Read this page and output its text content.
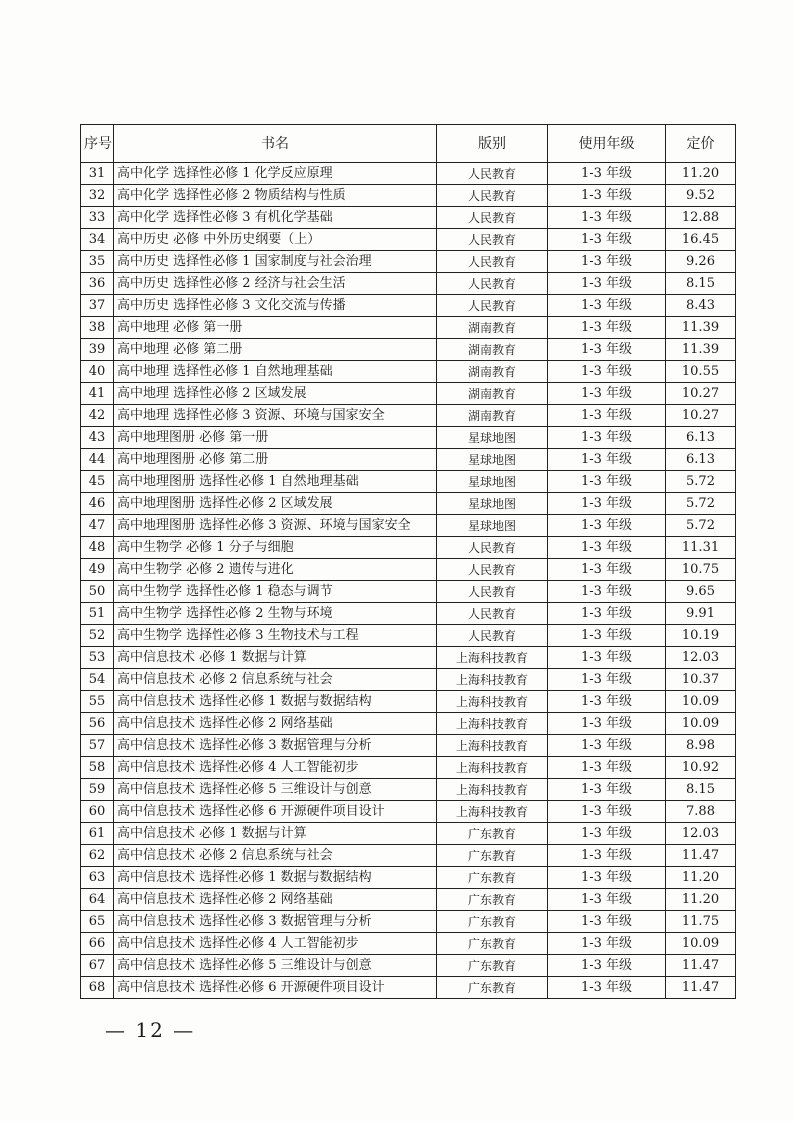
序号	书名	版别	使用年级	定价
31	高中化学 选择性必修 1 化学反应原理	人民教育	1-3 年级	11.20
32	高中化学 选择性必修 2 物质结构与性质	人民教育	1-3 年级	9.52
33	高中化学 选择性必修 3 有机化学基础	人民教育	1-3 年级	12.88
34	高中历史 必修 中外历史纲要（上）	人民教育	1-3 年级	16.45
35	高中历史 选择性必修 1 国家制度与社会治理	人民教育	1-3 年级	9.26
36	高中历史 选择性必修 2 经济与社会生活	人民教育	1-3 年级	8.15
37	高中历史 选择性必修 3 文化交流与传播	人民教育	1-3 年级	8.43
38	高中地理 必修 第一册	湖南教育	1-3 年级	11.39
39	高中地理 必修 第二册	湖南教育	1-3 年级	11.39
40	高中地理 选择性必修 1 自然地理基础	湖南教育	1-3 年级	10.55
41	高中地理 选择性必修 2 区域发展	湖南教育	1-3 年级	10.27
42	高中地理 选择性必修 3 资源、环境与国家安全	湖南教育	1-3 年级	10.27
43	高中地理图册 必修 第一册	星球地图	1-3 年级	6.13
44	高中地理图册 必修 第二册	星球地图	1-3 年级	6.13
45	高中地理图册 选择性必修 1 自然地理基础	星球地图	1-3 年级	5.72
46	高中地理图册 选择性必修 2 区域发展	星球地图	1-3 年级	5.72
47	高中地理图册 选择性必修 3 资源、环境与国家安全	星球地图	1-3 年级	5.72
48	高中生物学 必修 1 分子与细胞	人民教育	1-3 年级	11.31
49	高中生物学 必修 2 遗传与进化	人民教育	1-3 年级	10.75
50	高中生物学 选择性必修 1 稳态与调节	人民教育	1-3 年级	9.65
51	高中生物学 选择性必修 2 生物与环境	人民教育	1-3 年级	9.91
52	高中生物学 选择性必修 3 生物技术与工程	人民教育	1-3 年级	10.19
53	高中信息技术 必修 1 数据与计算	上海科技教育	1-3 年级	12.03
54	高中信息技术 必修 2 信息系统与社会	上海科技教育	1-3 年级	10.37
55	高中信息技术 选择性必修 1 数据与数据结构	上海科技教育	1-3 年级	10.09
56	高中信息技术 选择性必修 2 网络基础	上海科技教育	1-3 年级	10.09
57	高中信息技术 选择性必修 3 数据管理与分析	上海科技教育	1-3 年级	8.98
58	高中信息技术 选择性必修 4 人工智能初步	上海科技教育	1-3 年级	10.92
59	高中信息技术 选择性必修 5 三维设计与创意	上海科技教育	1-3 年级	8.15
60	高中信息技术 选择性必修 6 开源硬件项目设计	上海科技教育	1-3 年级	7.88
61	高中信息技术 必修 1 数据与计算	广东教育	1-3 年级	12.03
62	高中信息技术 必修 2 信息系统与社会	广东教育	1-3 年级	11.47
63	高中信息技术 选择性必修 1 数据与数据结构	广东教育	1-3 年级	11.20
64	高中信息技术 选择性必修 2 网络基础	广东教育	1-3 年级	11.20
65	高中信息技术 选择性必修 3 数据管理与分析	广东教育	1-3 年级	11.75
66	高中信息技术 选择性必修 4 人工智能初步	广东教育	1-3 年级	10.09
67	高中信息技术 选择性必修 5 三维设计与创意	广东教育	1-3 年级	11.47
68	高中信息技术 选择性必修 6 开源硬件项目设计	广东教育	1-3 年级	11.47
— 12 —
